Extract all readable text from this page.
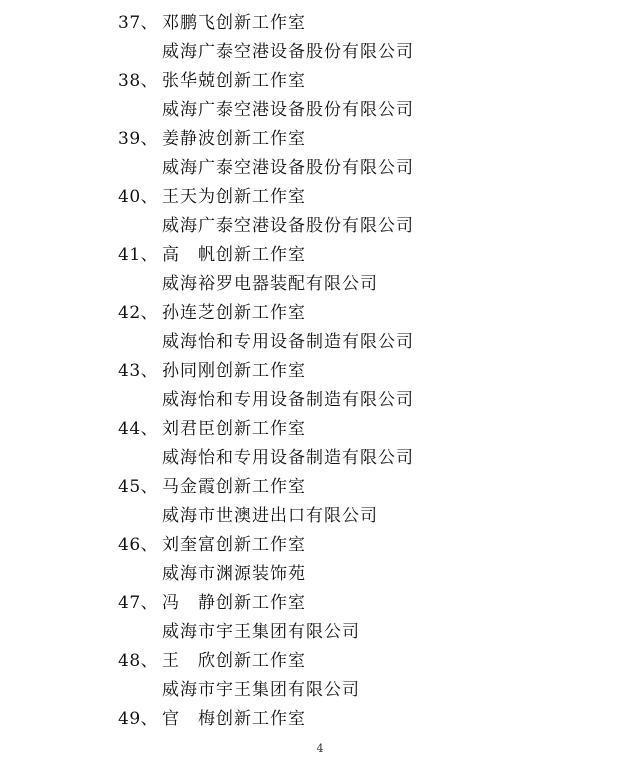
37、 邓鹏飞创新工作室
威海广泰空港设备股份有限公司
38、 张华兢创新工作室
威海广泰空港设备股份有限公司
39、 姜静波创新工作室
威海广泰空港设备股份有限公司
40、 王天为创新工作室
威海广泰空港设备股份有限公司
41、 高　帆创新工作室
威海裕罗电器装配有限公司
42、 孙连芝创新工作室
威海怡和专用设备制造有限公司
43、 孙同刚创新工作室
威海怡和专用设备制造有限公司
44、 刘君臣创新工作室
威海怡和专用设备制造有限公司
45、 马金霞创新工作室
威海市世澳进出口有限公司
46、 刘奎富创新工作室
威海市渊源装饰苑
47、 冯　静创新工作室
威海市宇王集团有限公司
48、 王　欣创新工作室
威海市宇王集团有限公司
49、 官　梅创新工作室
4
